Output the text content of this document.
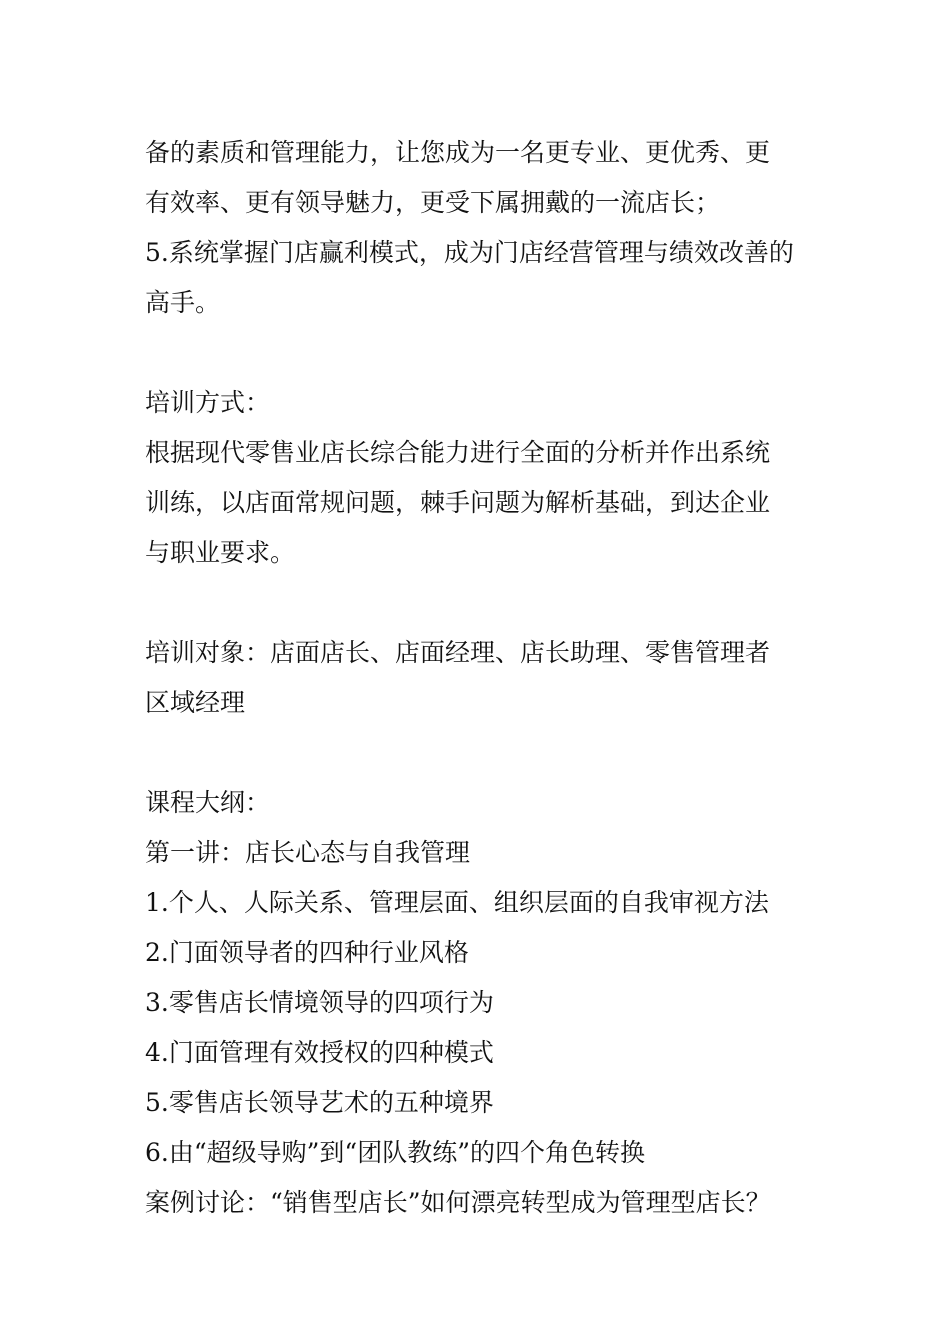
备的素质和管理能力，让您成为一名更专业、更优秀、更
有效率、更有领导魅力，更受下属拥戴的一流店长；
5.系统掌握门店赢利模式，成为门店经营管理与绩效改善的
高手。
培训方式：
根据现代零售业店长综合能力进行全面的分析并作出系统
训练，以店面常规问题，棘手问题为解析基础，到达企业
与职业要求。
培训对象：店面店长、店面经理、店长助理、零售管理者
区域经理
课程大纲：
第一讲：店长心态与自我管理
1.个人、人际关系、管理层面、组织层面的自我审视方法
2.门面领导者的四种行业风格
3.零售店长情境领导的四项行为
4.门面管理有效授权的四种模式
5.零售店长领导艺术的五种境界
6.由“超级导购”到“团队教练”的四个角色转换
案例讨论：“销售型店长”如何漂亮转型成为管理型店长？
